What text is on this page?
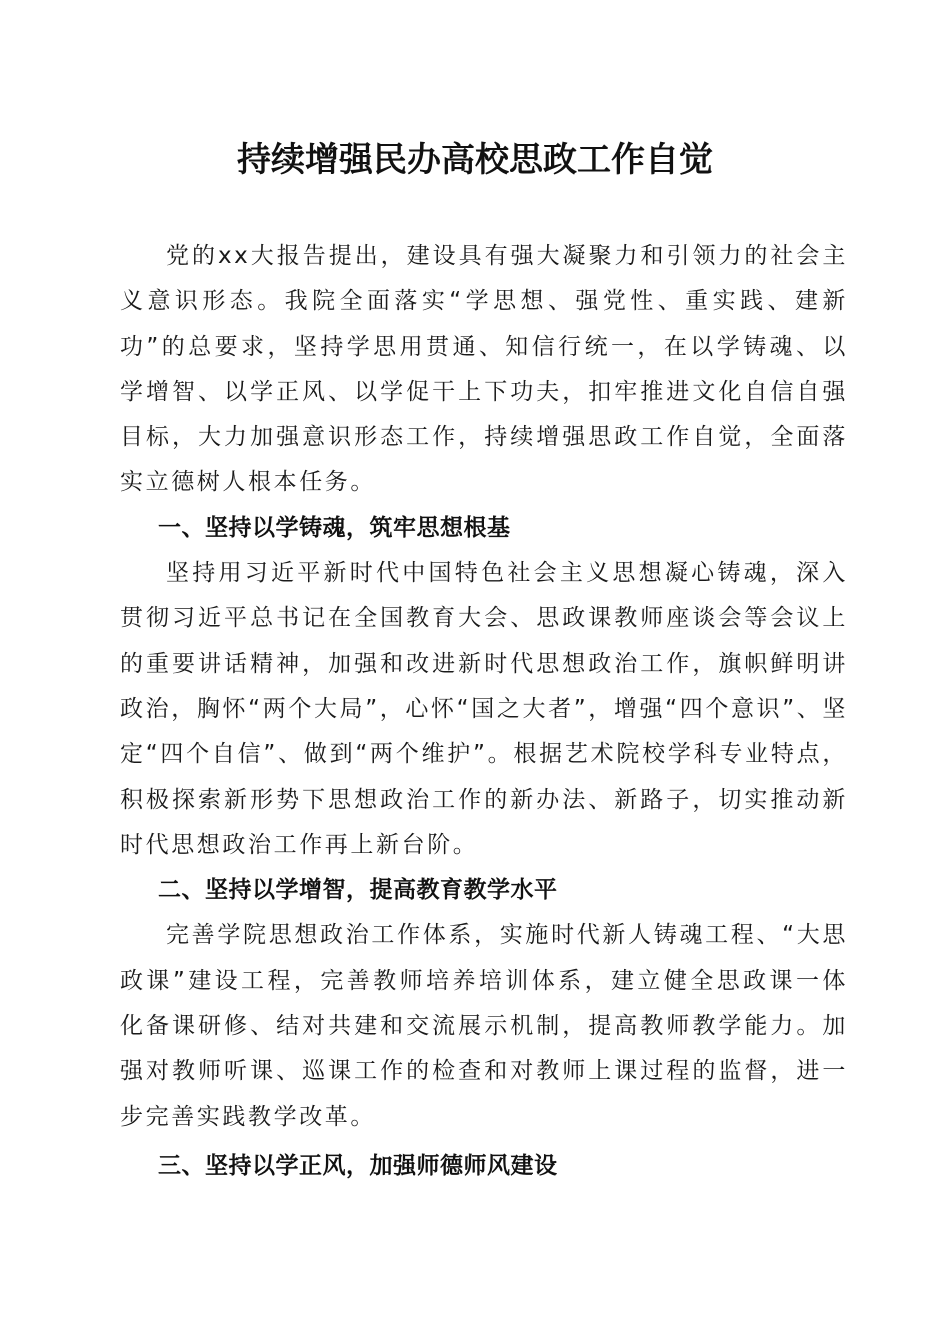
持续增强民办高校思政工作自觉

党的xx大报告提出，建设具有强大凝聚力和引领力的社会主义意识形态。我院全面落实“学思想、强党性、重实践、建新功”的总要求，坚持学思用贯通、知信行统一，在以学铸魂、以学增智、以学正风、以学促干上下功夫，扣牢推进文化自信自强目标，大力加强意识形态工作，持续增强思政工作自觉，全面落实立德树人根本任务。

一、坚持以学铸魂，筑牢思想根基

坚持用习近平新时代中国特色社会主义思想凝心铸魂，深入贯彻习近平总书记在全国教育大会、思政课教师座谈会等会议上的重要讲话精神，加强和改进新时代思想政治工作，旗帜鲜明讲政治，胸怀“两个大局”，心怀“国之大者”，增强“四个意识”、坚定“四个自信”、做到“两个维护”。根据艺术院校学科专业特点，积极探索新形势下思想政治工作的新办法、新路子，切实推动新时代思想政治工作再上新台阶。

二、坚持以学增智，提高教育教学水平

完善学院思想政治工作体系，实施时代新人铸魂工程、“大思政课”建设工程，完善教师培养培训体系，建立健全思政课一体化备课研修、结对共建和交流展示机制，提高教师教学能力。加强对教师听课、巡课工作的检查和对教师上课过程的监督，进一步完善实践教学改革。

三、坚持以学正风，加强师德师风建设
